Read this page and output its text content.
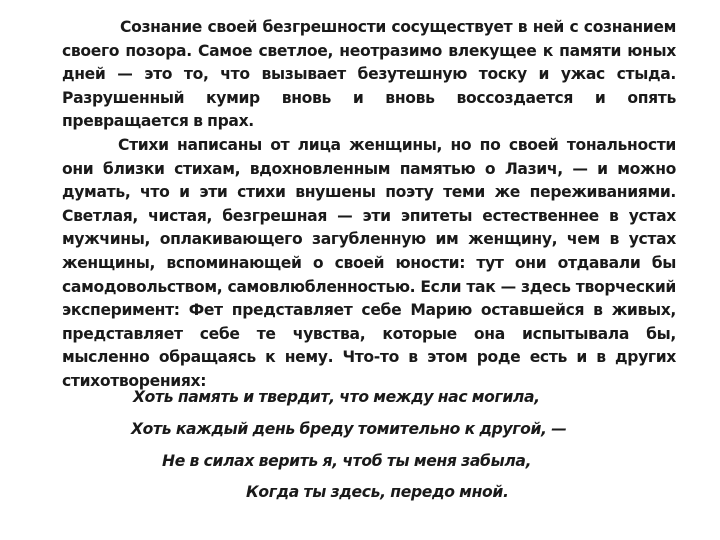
Сознание своей безгрешности сосуществует в ней с сознанием своего позора. Самое светлое, неотразимо влекущее к памяти юных дней — это то, что вызывает безутешную тоску и ужас стыда. Разрушенный кумир вновь и вновь воссоздается и опять превращается в прах.

Стихи написаны от лица женщины, но по своей тональности они близки стихам, вдохновленным памятью о Лазич, — и можно думать, что и эти стихи внушены поэту теми же переживаниями. Светлая, чистая, безгрешная — эти эпитеты естественнее в устах мужчины, оплакивающего загубленную им женщину, чем в устах женщины, вспоминающей о своей юности: тут они отдавали бы самодовольством, самовлюбленностью. Если так — здесь творческий эксперимент: Фет представляет себе Марию оставшейся в живых, представляет себе те чувства, которые она испытывала бы, мысленно обращаясь к нему. Что-то в этом роде есть и в других стихотворениях:

Хоть память и твердит, что между нас могила,
Хоть каждый день бреду томительно к другой, —
Не в силах верить я, чтоб ты меня забыла,
Когда ты здесь, передо мной.
